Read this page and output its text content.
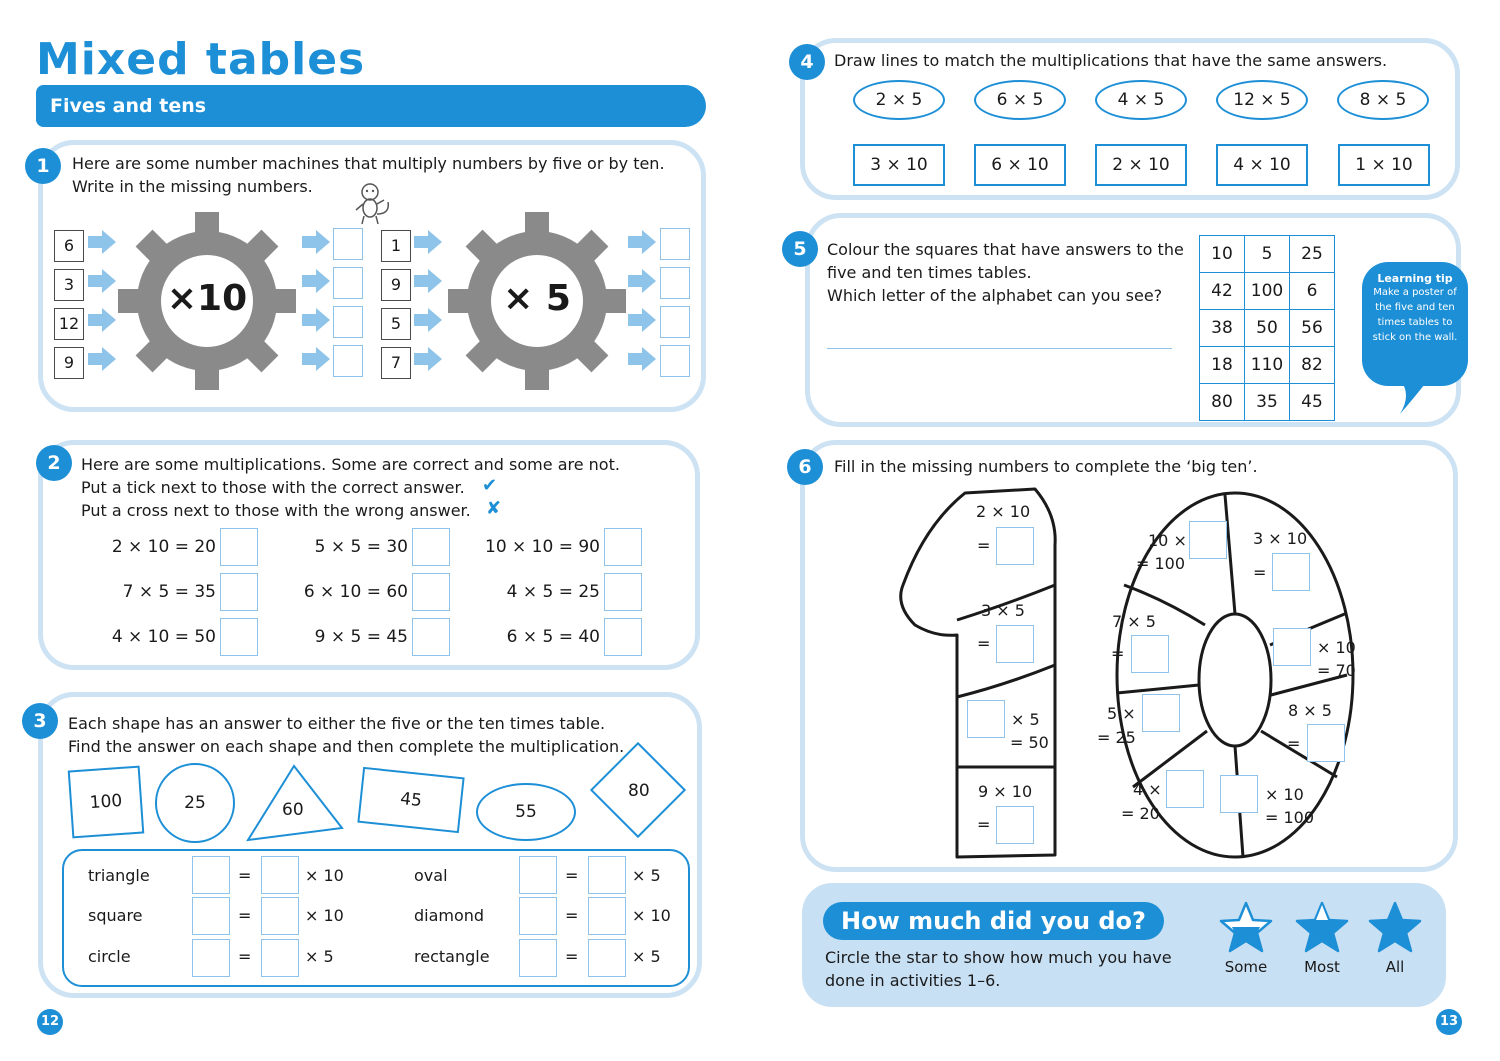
Mixed tables
Fives and tens
1	Here are some number machines that multiply numbers by five or by ten.
Write in the missing numbers.
×10	× 5
6
3
12
9
1
9
5
7
2	Here are some multiplications. Some are correct and some are not.
Put a tick next to those with the correct answer.
Put a cross next to those with the wrong answer.
✔
✘
2 × 10 = 20	5 × 5 = 30	10 × 10 = 90
7 × 5 = 35	6 × 10 = 60	4 × 5 = 25
4 × 10 = 50	9 × 5 = 45	6 × 5 = 40
3	Each shape has an answer to either the five or the ten times table.
Find the answer on each shape and then complete the multiplication.
100	25	60	45
55
80
triangle	=	× 10
square	=	× 10
circle	=	× 5
oval	=	× 5
diamond	=	× 10
rectangle	=	× 5
12
4	Draw lines to match the multiplications that have the same answers.
2 × 5	6 × 5	4 × 5	12 × 5	8 × 5
3 × 10	6 × 10	2 × 10	4 × 10	1 × 10
5	Colour the squares that have answers to the
five and ten times tables.
Which letter of the alphabet can you see?
10	5	25
42	100	6
38	50	56
18	110	82
80	35	45
Learning tip
Make a poster of the five and ten times tables to stick on the wall.
6	Fill in the missing numbers to complete the ‘big ten’.
2 × 10
=
3 × 5
=
× 5
= 50
9 × 10
=
10 ×
= 100
3 × 10
=
7 × 5
=	× 10
= 70
5 ×
= 25
8 × 5
=
4 ×
= 20
× 10
= 100
How much did you do?
Circle the star to show how much you have
done in activities 1–6.
Some	Most	All
13
